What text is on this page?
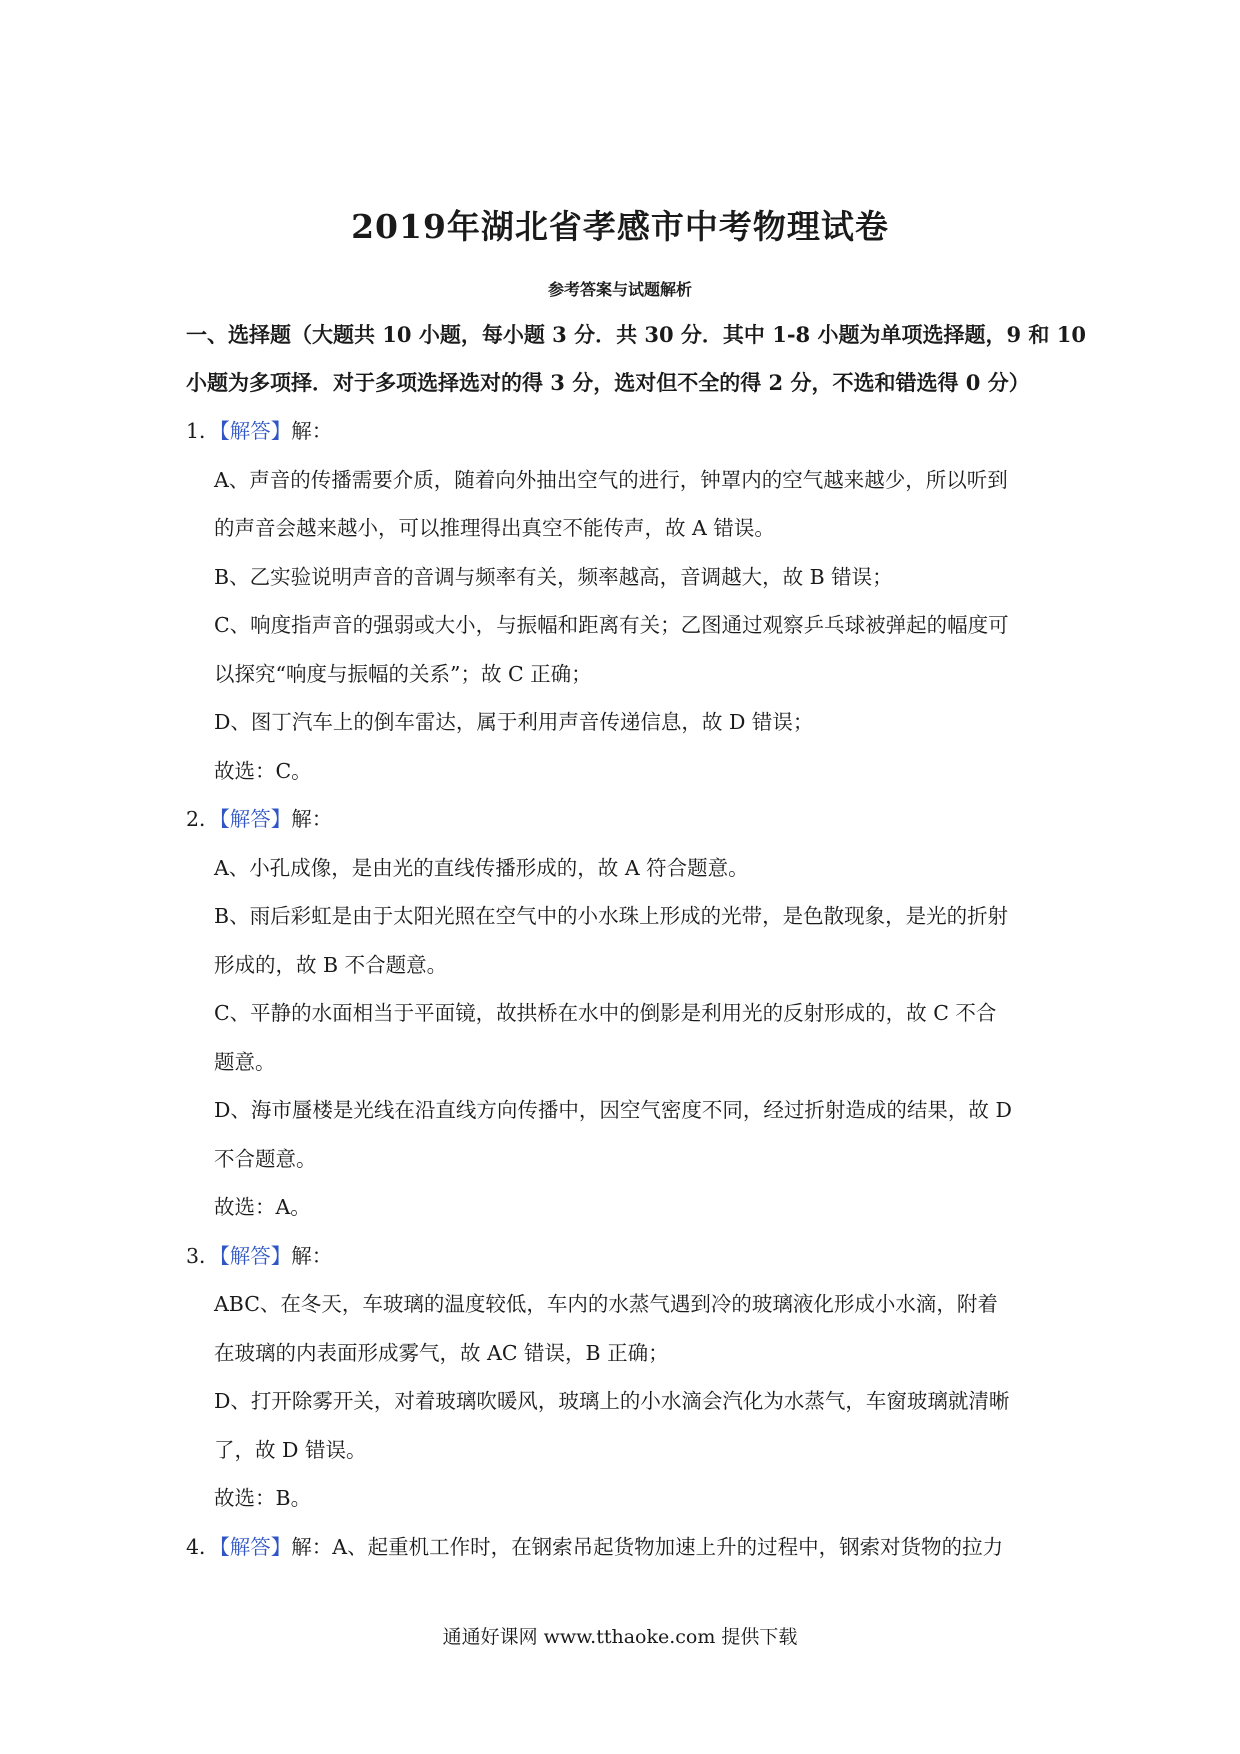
2019年湖北省孝感市中考物理试卷
参考答案与试题解析
一、选择题（大题共 10 小题，每小题 3 分．共 30 分．其中 1-8 小题为单项选择题，9 和 10
小题为多项择．对于多项选择选对的得 3 分，选对但不全的得 2 分，不选和错选得 0 分）
1．【解答】解：
A、声音的传播需要介质，随着向外抽出空气的进行，钟罩内的空气越来越少，所以听到
的声音会越来越小，可以推理得出真空不能传声，故 A 错误。
B、乙实验说明声音的音调与频率有关，频率越高，音调越大，故 B 错误；
C、响度指声音的强弱或大小，与振幅和距离有关；乙图通过观察乒乓球被弹起的幅度可
以探究“响度与振幅的关系”；故 C 正确；
D、图丁汽车上的倒车雷达，属于利用声音传递信息，故 D 错误；
故选：C。
2．【解答】解：
A、小孔成像，是由光的直线传播形成的，故 A 符合题意。
B、雨后彩虹是由于太阳光照在空气中的小水珠上形成的光带，是色散现象，是光的折射
形成的，故 B 不合题意。
C、平静的水面相当于平面镜，故拱桥在水中的倒影是利用光的反射形成的，故 C 不合
题意。
D、海市蜃楼是光线在沿直线方向传播中，因空气密度不同，经过折射造成的结果，故 D
不合题意。
故选：A。
3．【解答】解：
ABC、在冬天，车玻璃的温度较低，车内的水蒸气遇到冷的玻璃液化形成小水滴，附着
在玻璃的内表面形成雾气，故 AC 错误，B 正确；
D、打开除雾开关，对着玻璃吹暖风，玻璃上的小水滴会汽化为水蒸气，车窗玻璃就清晰
了，故 D 错误。
故选：B。
4．【解答】解：A、起重机工作时，在钢索吊起货物加速上升的过程中，钢索对货物的拉力
通通好课网 www.tthaoke.com 提供下载
